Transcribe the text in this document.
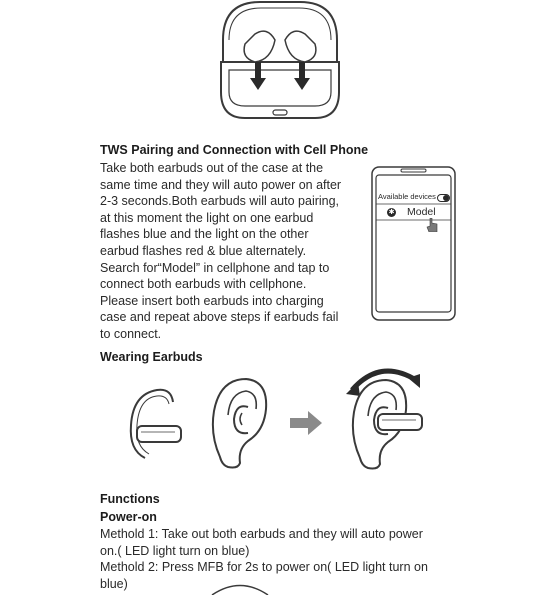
TWS Pairing and Connection with Cell Phone
Take both earbuds out of the case at the
same time and they will auto power on after
2-3 seconds.Both earbuds will auto pairing,
at this moment the light on one earbud
flashes blue and the light on the other
earbud flashes red & blue alternately.
Search for“Model” in cellphone and tap to
connect both earbuds with cellphone.
Please insert both earbuds into charging
case and repeat above steps if earbuds fail
to connect.
Available devices
✱ Model
Wearing Earbuds
Functions
Power-on
Methold 1: Take out both earbuds and they will auto power
on.( LED light turn on blue)
Methold 2: Press MFB for 2s to power on( LED light turn on
blue)
